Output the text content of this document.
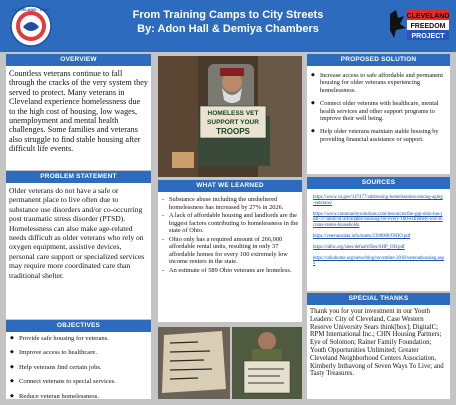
CLEVELAND · OHIO	From Training Camps to City Streets
By: Adon Hall & Demiya Chambers
CLEVELAND
FREEDOM
PROJECT
OVERVIEW

Countless veterans continue to fall through the cracks of the very system they served to protect. Many veterans in Cleveland experience homelessness due to the high cost of housing, low wages, unemployment and mental health challenges. Some families and veterans also struggle to find stable housing after difficult life events.

PROBLEM STATEMENT

Older veterans do not have a safe or permanent place to live often due to substance use disorders and/or co-occurring post traumatic stress disorder (PTSD). Homelessness can also make age-related needs difficult as older veterans who rely on oxygen equipment, assistive devices, personal care support or specialized services may require more coordinated care than traditional shelter.

OBJECTIVES
◆ Provide safe housing for veterans.
◆ Improve access to healthcare.
◆ Help veterans find certain jobs.
◆ Connect veterans to special services.
◆ Reduce veteran homelessness.
HOMELESS VET
SUPPORT YOUR
TROOPS
WHAT WE LEARNED
- Substance abuse including the unsheltered homelessness has increased by 27% in 2026.
- A lack of affordable housing and landlords are the biggest factors contributing to homelessness in the state of Ohio.
- Ohio only has a required amount of 266,000 affordable rental units, resulting in only 37 affordable homes for every 100 extremely low income renters in the state.
- An estimate of 589 Ohio veterans are homeless.
PROPOSED SOLUTION
◆ Increase access to safe affordable and permanent housing for older veterans experiencing homelessness.
◆ Connect older veterans with healthcare, mental health services and other support programs to improve their well being.
◆ Help older veterans maintain stable housing by providing financial assistance or support.
SOURCES
https://www.va.gov/147477/addressing-homelessness-among-aging-veterans/
https://www.communitysolutions.com/resources/the-gap-ohio-has-just-37-units-of-affordable-housing-for-every-100-extremely-low-income-renter-households
https://veteransdata.info/states/2390000/OHIO.pdf
https://nlihc.org/sites/default/files/SHP_OH.pdf
https://ohiohome.org/news/blog/november-2018/veteranhousing.aspx
SPECIAL THANKS

Thank you for your investment in our Youth Leaders: City of Cleveland, Case Western Reserve University Sears think[box]; DigitalC; RPM International Inc.; CHN Housing Partners; Eye of Solomon; Rainer Family Foundation; Youth Opportunities Unlimited; Greater Cleveland Neighborhood Centers Association, Kimberly Inthavong of Seven Ways To Live; and Tasty Treasures.
